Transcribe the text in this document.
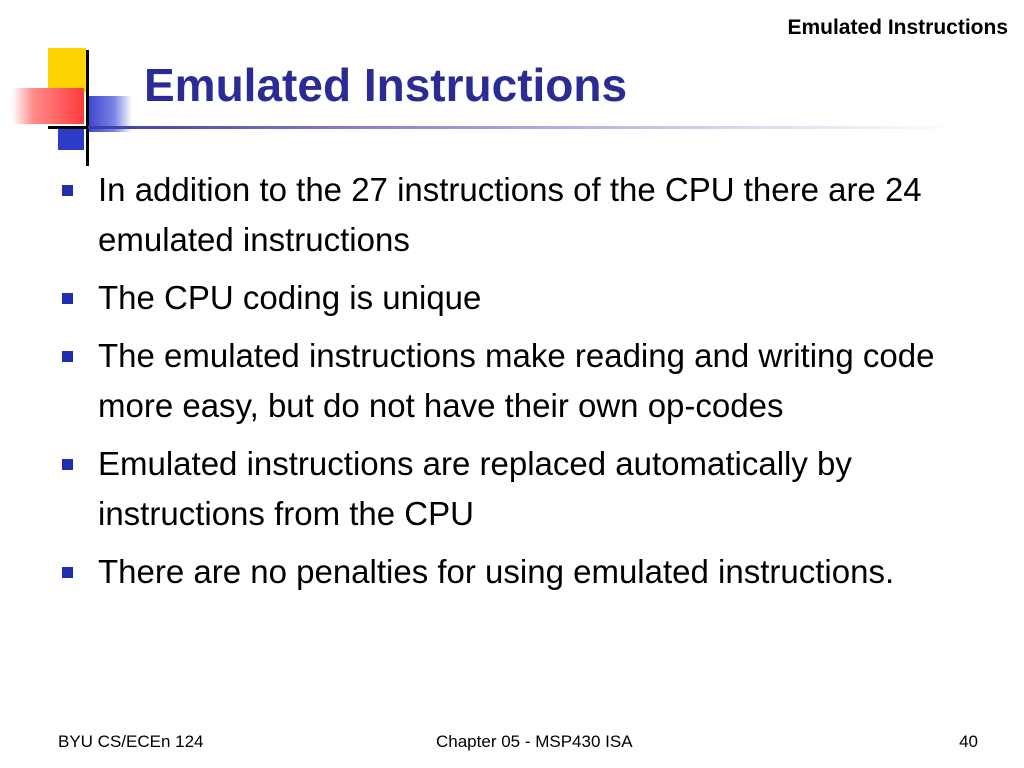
Emulated Instructions
Emulated Instructions
In addition to the 27 instructions of the CPU there are 24 emulated instructions
The CPU coding is unique
The emulated instructions make reading and writing code more easy, but do not have their own op-codes
Emulated instructions are replaced automatically by instructions from the CPU
There are no penalties for using emulated instructions.
BYU CS/ECEn 124	Chapter 05 - MSP430 ISA	40
